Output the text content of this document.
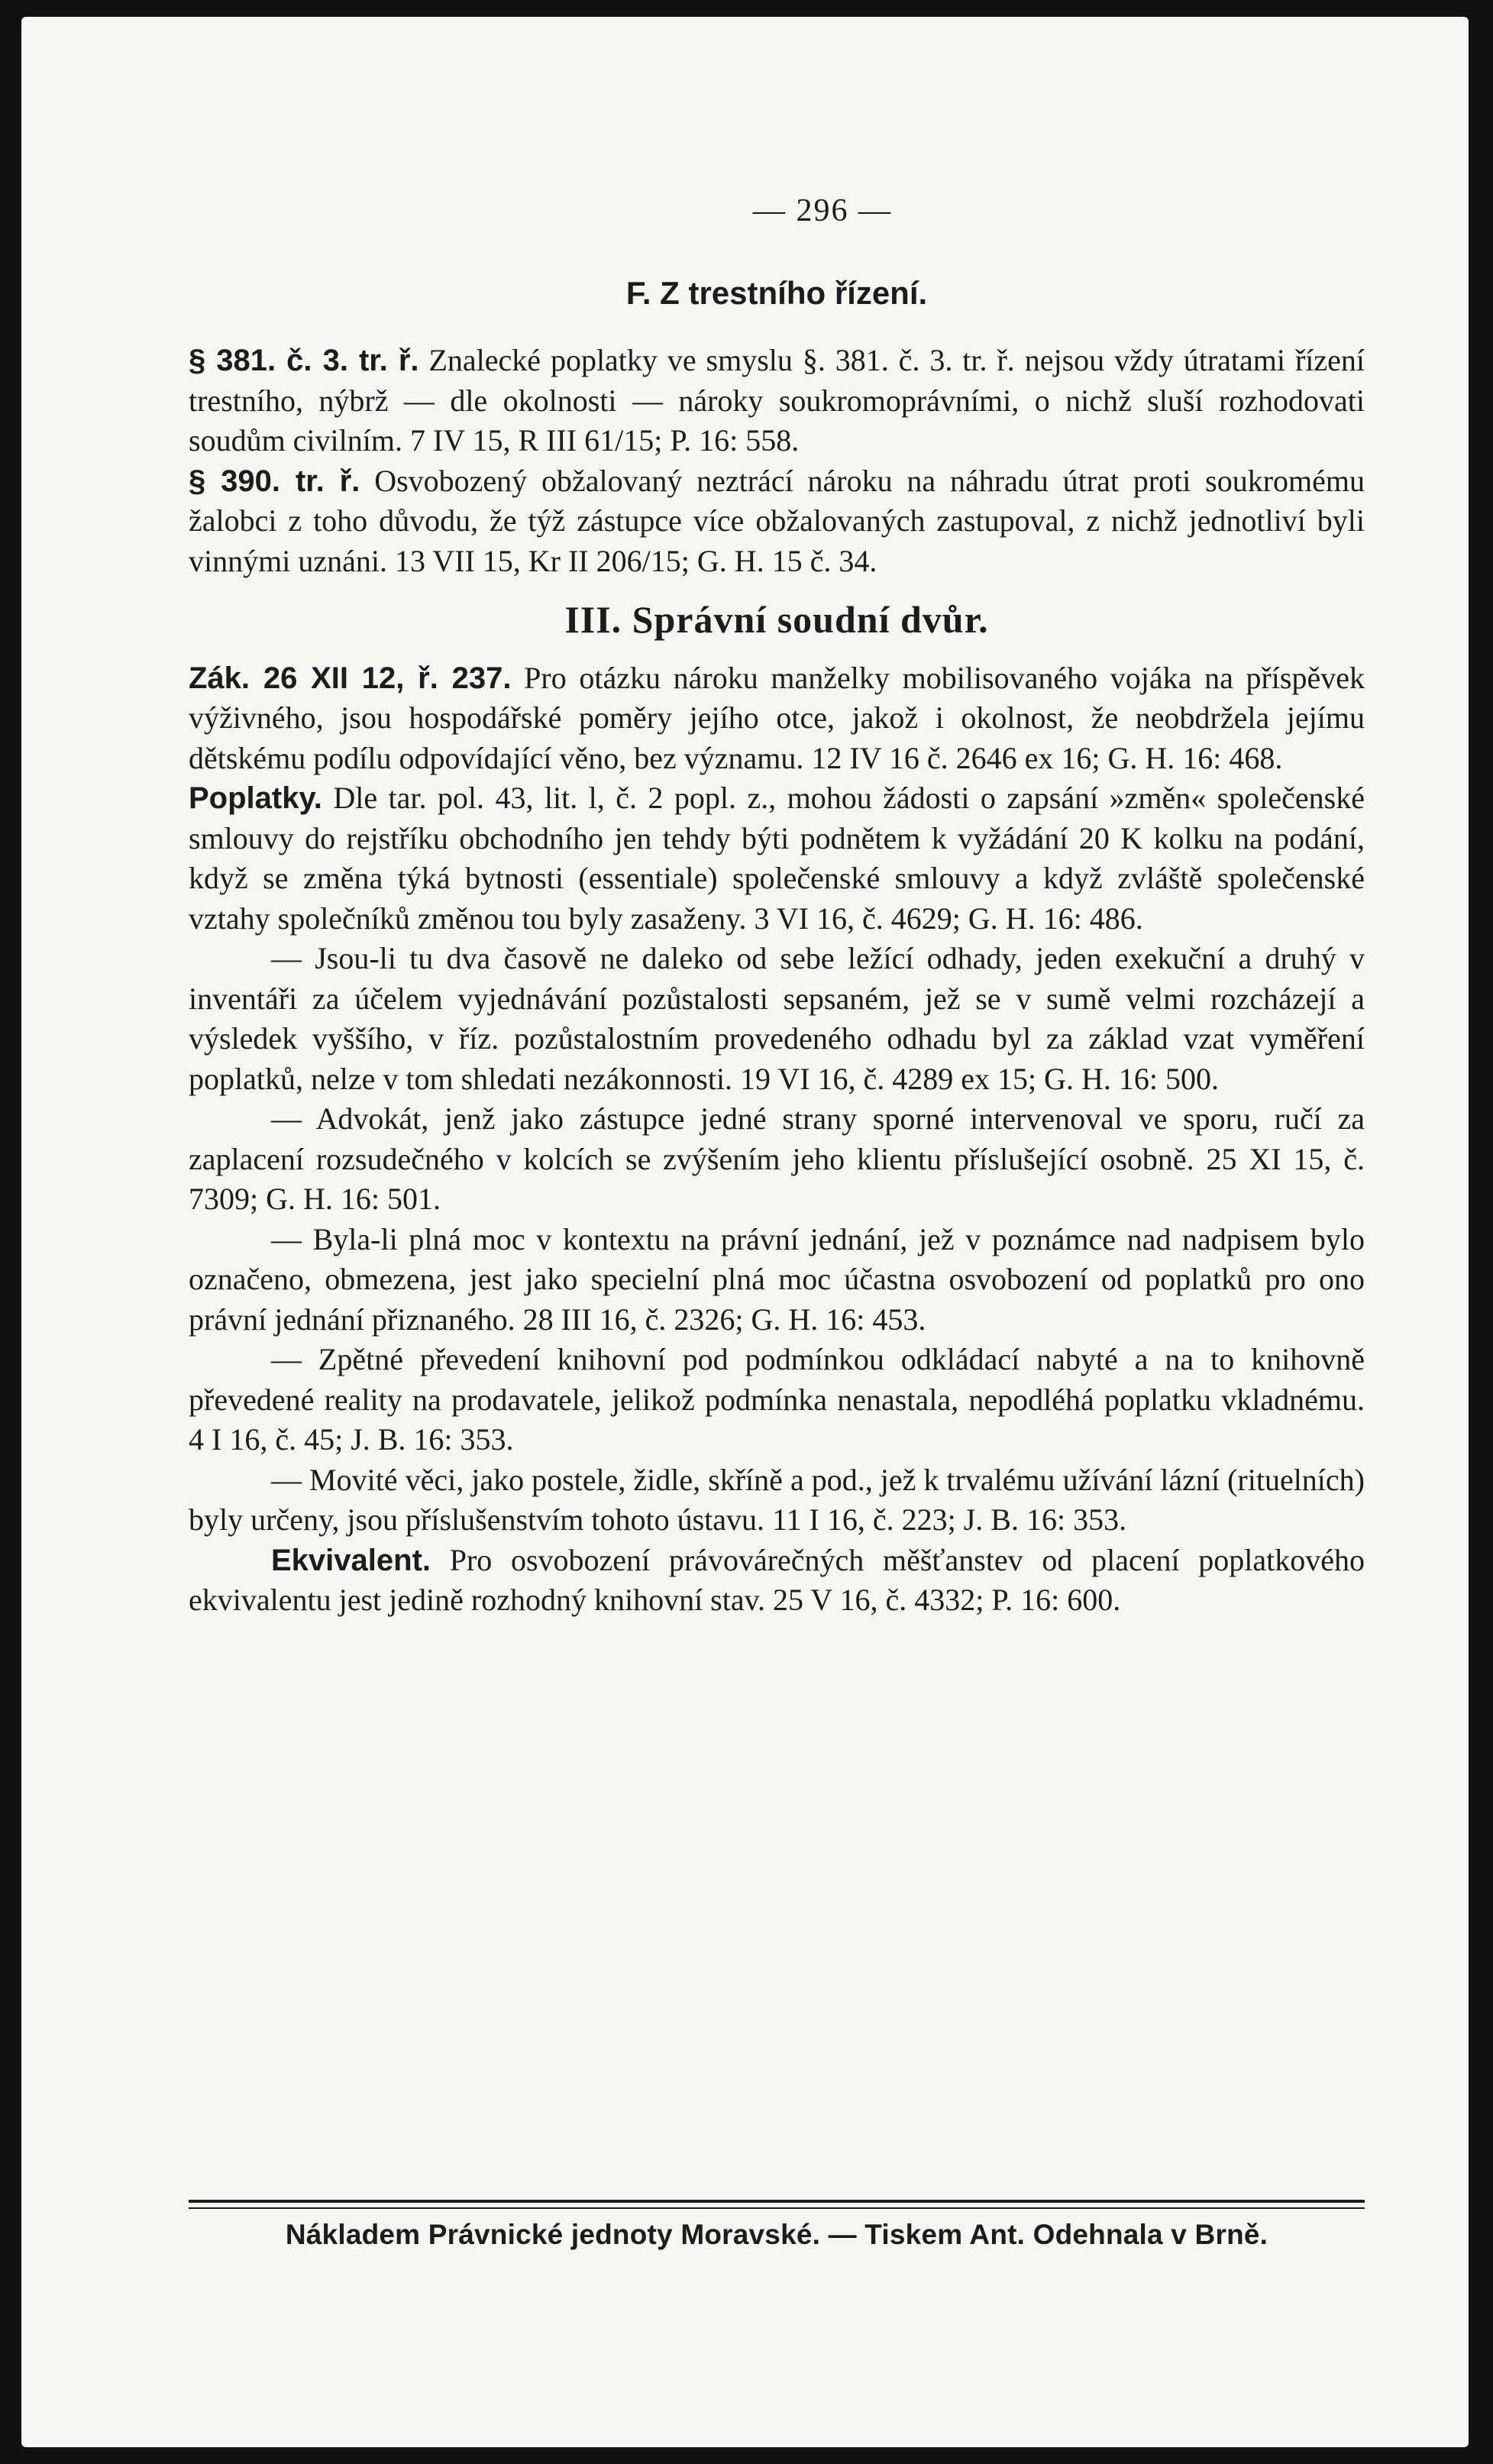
— 296 —
F. Z trestního řízení.

§ 381. č. 3. tr. ř. Znalecké poplatky ve smyslu §. 381. č. 3. tr. ř. nejsou vždy útratami řízení trestního, nýbrž — dle okolnosti — nároky soukromoprávními, o nichž sluší rozhodovati soudům civilním. 7 IV 15, R III 61/15; P. 16: 558.

§ 390. tr. ř. Osvobozený obžalovaný neztrácí nároku na náhradu útrat proti soukromému žalobci z toho důvodu, že týž zástupce více obžalovaných zastupoval, z nichž jednotliví byli vinnými uznáni. 13 VII 15, Kr II 206/15; G. H. 15 č. 34.

III. Správní soudní dvůr.

Zák. 26 XII 12, ř. 237. Pro otázku nároku manželky mobilisovaného vojáka na příspěvek výživného, jsou hospodářské poměry jejího otce, jakož i okolnost, že neobdržela jejímu dětskému podílu odpovídající věno, bez významu. 12 IV 16 č. 2646 ex 16; G. H. 16: 468.

Poplatky. Dle tar. pol. 43, lit. l, č. 2 popl. z., mohou žádosti o zapsání »změn« společenské smlouvy do rejstříku obchodního jen tehdy býti podnětem k vyžádání 20 K kolku na podání, když se změna týká bytnosti (essentiale) společenské smlouvy a když zvláště společenské vztahy společníků změnou tou byly zasaženy. 3 VI 16, č. 4629; G. H. 16: 486.

— Jsou-li tu dva časově ne daleko od sebe ležící odhady, jeden exekuční a druhý v inventáři za účelem vyjednávání pozůstalosti sepsaném, jež se v sumě velmi rozcházejí a výsledek vyššího, v říz. pozůstalostním provedeného odhadu byl za základ vzat vyměření poplatků, nelze v tom shledati nezákonnosti. 19 VI 16, č. 4289 ex 15; G. H. 16: 500.

— Advokát, jenž jako zástupce jedné strany sporné intervenoval ve sporu, ručí za zaplacení rozsudečného v kolcích se zvýšením jeho klientu příslušející osobně. 25 XI 15, č. 7309; G. H. 16: 501.

— Byla-li plná moc v kontextu na právní jednání, jež v poznámce nad nadpisem bylo označeno, obmezena, jest jako specielní plná moc účastna osvobození od poplatků pro ono právní jednání přiznaného. 28 III 16, č. 2326; G. H. 16: 453.

— Zpětné převedení knihovní pod podmínkou odkládací nabyté a na to knihovně převedené reality na prodavatele, jelikož podmínka nenastala, nepodléhá poplatku vkladnému. 4 I 16, č. 45; J. B. 16: 353.

— Movité věci, jako postele, židle, skříně a pod., jež k trvalému užívání lázní (rituelních) byly určeny, jsou příslušenstvím tohoto ústavu. 11 I 16, č. 223; J. B. 16: 353.

Ekvivalent. Pro osvobození právovárečných měšťanstev od placení poplatkového ekvivalentu jest jedině rozhodný knihovní stav. 25 V 16, č. 4332; P. 16: 600.

Nákladem Právnické jednoty Moravské. — Tiskem Ant. Odehnala v Brně.
